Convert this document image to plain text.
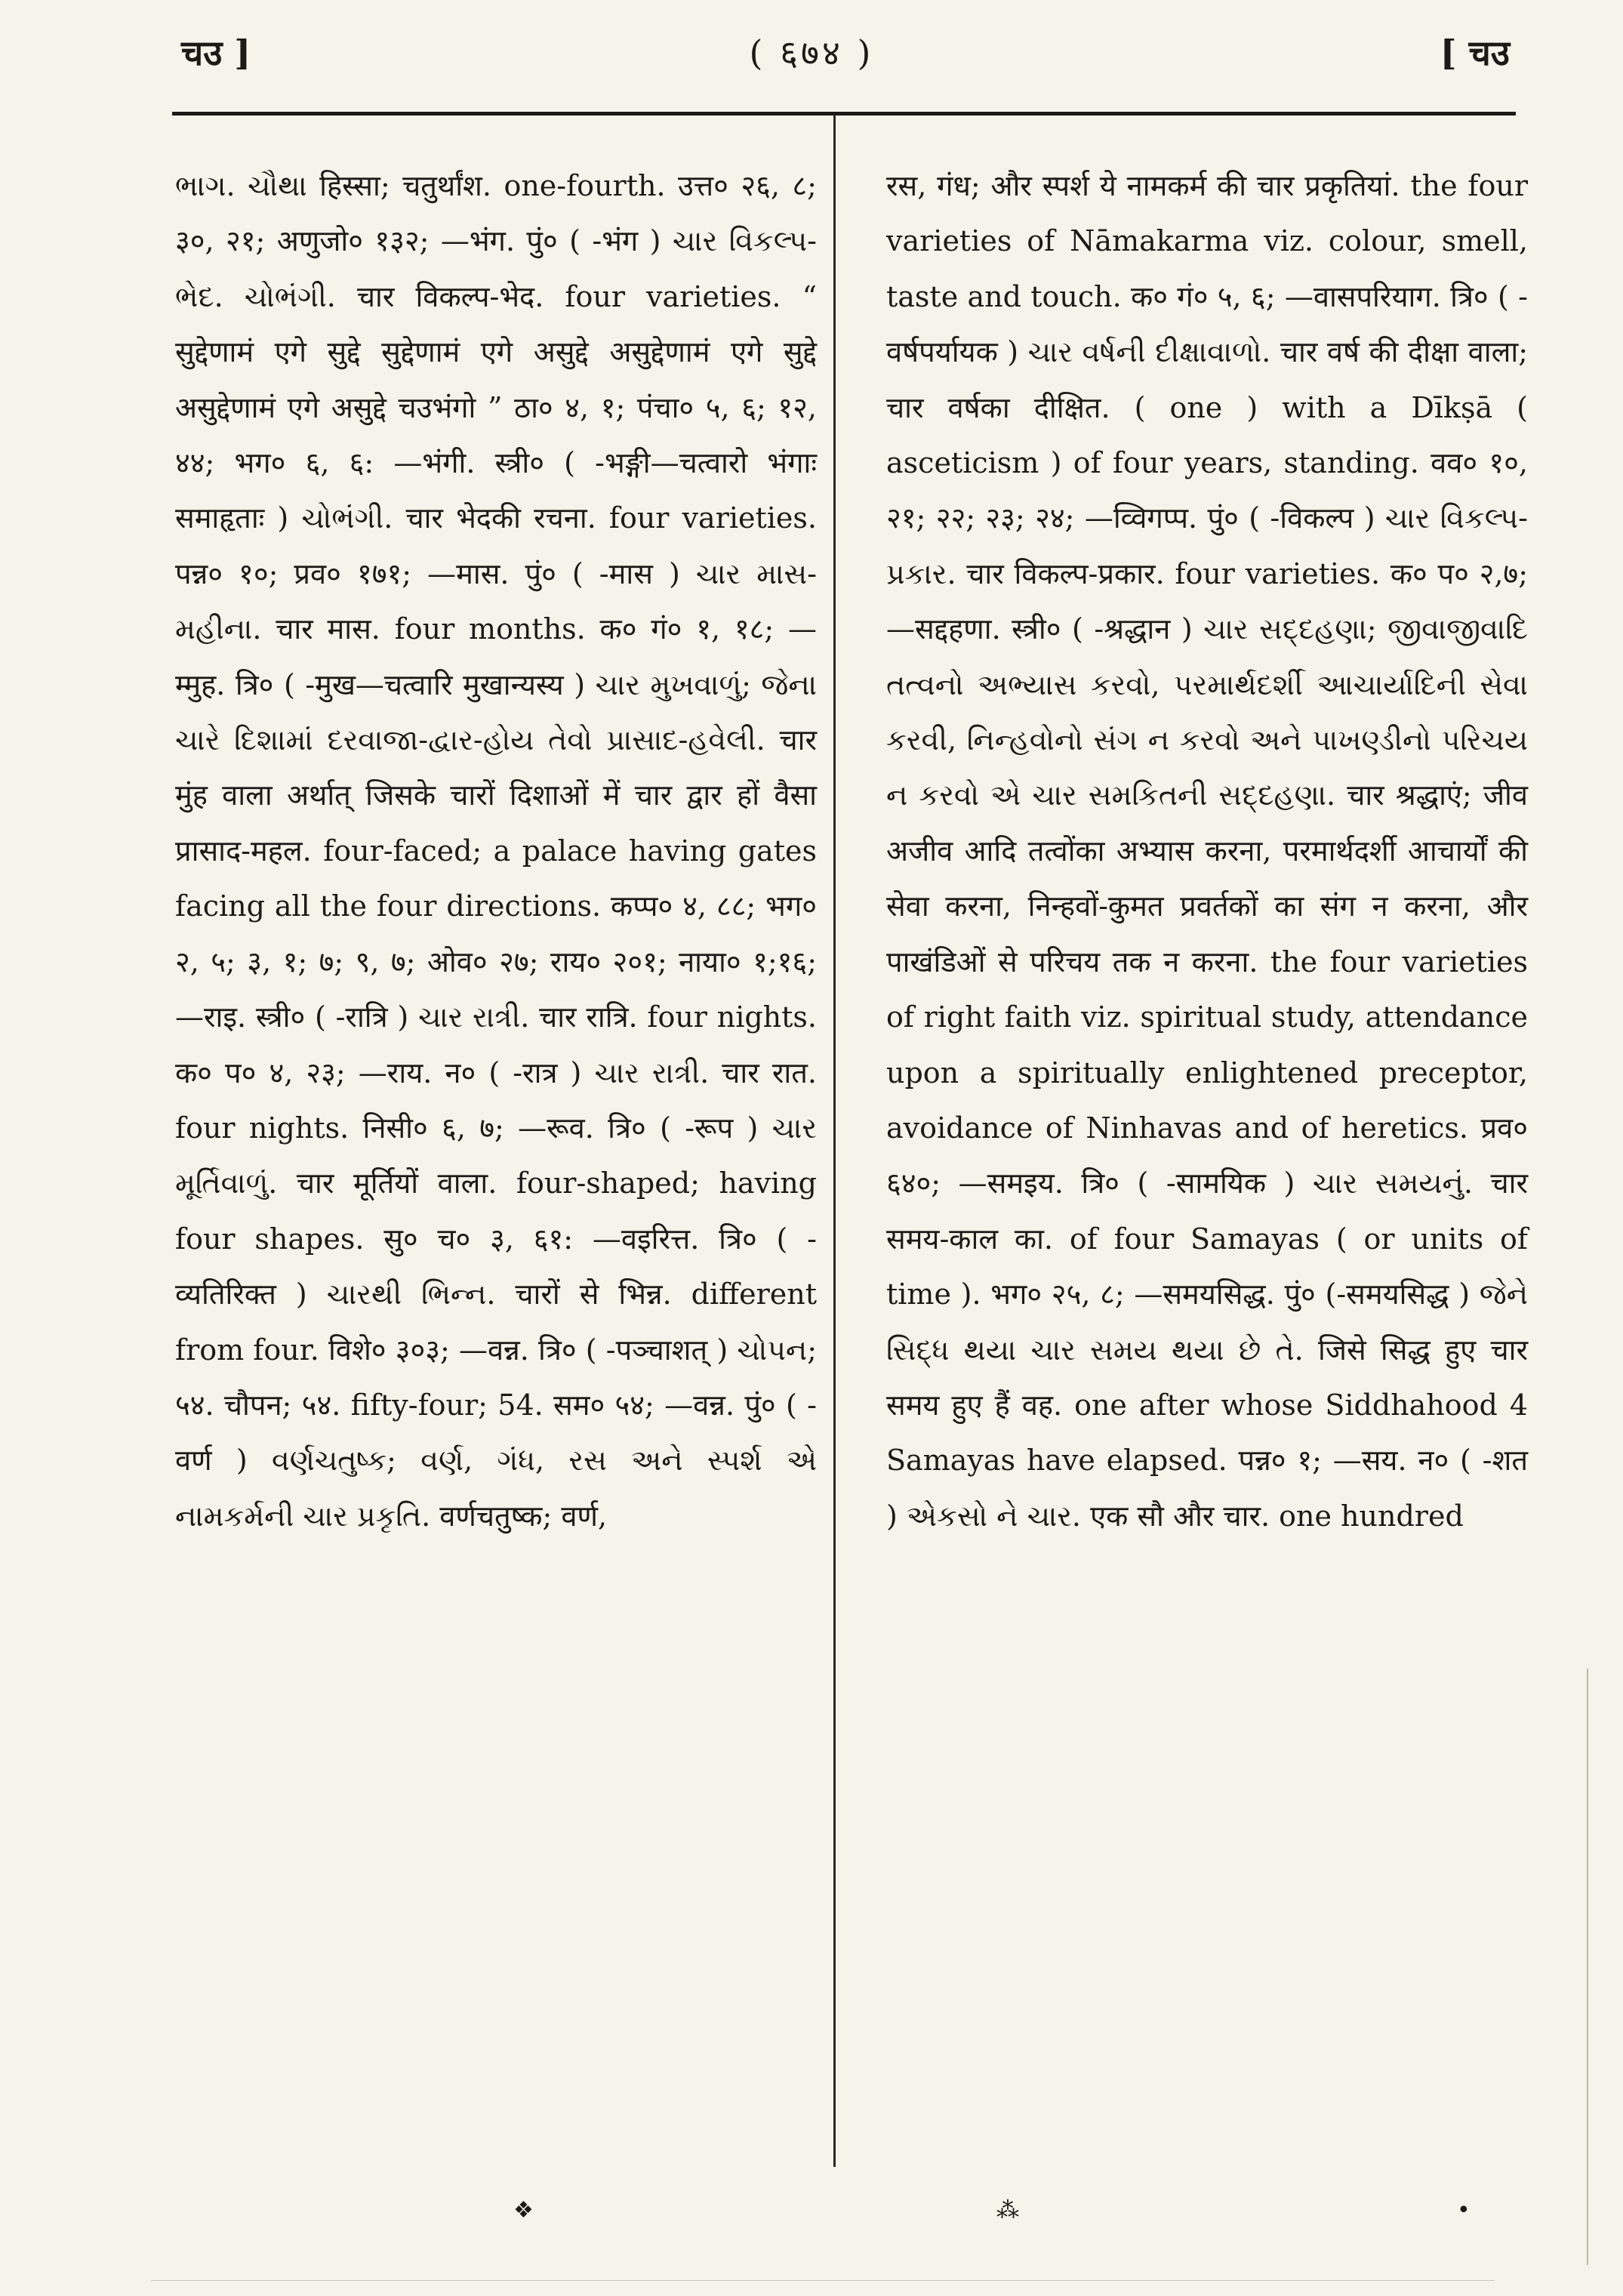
चउ ]	( ६७४ )	[ चउ

ભાગ. ચૌથા हिस्सा; चतुर्थांश. one-fourth. उत्त० २६, ८; ३०, २१; अणुजो० १३२; —भंग. पुं० ( -भंग ) ચાર વિકલ્પ-ભેદ. ચોભંગી. चार विकल्प-भेद. four varieties. “ सुद्देणामं एगे सुद्दे सुद्देणामं एगे असुद्दे असुद्देणामं एगे सुद्दे असुद्देणामं एगे असुद्दे चउभंगो ” ठा० ४, १; पंचा० ५, ६; १२, ४४; भग० ६, ६: —भंगी. स्त्री० ( -भङ्गी—चत्वारो भंगाः समाहृताः ) ચોભંગી. चार भेदकी रचना. four varieties. पन्न० १०; प्रव० १७१; —मास. पुं० ( -मास ) ચાર માસ-મહીના. चार मास. four months. क० गं० १, १८; —म्मुह. त्रि० ( -मुख—चत्वारि मुखान्यस्य ) ચાર મુખવાળું; જેના ચારે દિશામાં દરવાજા-દ્વાર-હોય તેવો પ્રાસાદ-હવેલી. चार मुंह वाला अर्थात् जिसके चारों दिशाओं में चार द्वार हों वैसा प्रासाद-महल. four-faced; a palace having gates facing all the four directions. कप्प० ४, ८८; भग० २, ५; ३, १; ७; ९, ७; ओव० २७; राय० २०१; नाया० १;१६; —राइ. स्त्री० ( -रात्रि ) ચાર રાત્રી. चार रात्रि. four nights. क० प० ४, २३; —राय. न० ( -रात्र ) ચાર રાત્રી. चार रात. four nights. निसी० ६, ७; —रूव. त्रि० ( -रूप ) ચાર મૂર્તિવાળું. चार मूर्तियों वाला. four-shaped; having four shapes. सु० च० ३, ६१: —वइरित्त. त्रि० ( -व्यतिरिक्त ) ચારથી ભિન્ન. चारों से भिन्न. different from four. विशे० ३०३; —वन्न. त्रि० ( -पञ्चाशत् ) ચોપન; ५४. चौपन; ५४. fifty-four; 54. सम० ५४; —वन्न. पुं० ( -वर्ण ) વર્ણચતુષ્ક; વર્ણ, ગંધ, રસ અને સ્પર્શ એ નામકર્મની ચાર પ્રકૃતિ. वर्णचतुष्क; वर्ण,

रस, गंध; और स्पर्श ये नामकर्म की चार प्रकृतियां. the four varieties of Nāmakarma viz. colour, smell, taste and touch. क० गं० ५, ६; —वासपरियाग. त्रि० ( -वर्षपर्यायक ) ચાર વર્ષની દીક્ષાવાળો. चार वर्ष की दीक्षा वाला; चार वर्षका दीक्षित. ( one ) with a Dīkṣā ( asceticism ) of four years, standing. वव० १०, २१; २२; २३; २४; —व्विगप्प. पुं० ( -विकल्प ) ચાર વિકલ્પ-પ્રકાર. चार विकल्प-प्रकार. four varieties. क० प० २,७; —सद्दहणा. स्त्री० ( -श्रद्धान ) ચાર સદ્દહણા; જીવાજીવાદિ તત્વનો અભ્યાસ કરવો, પરમાર્થદર્શી આચાર્યાદિની સેવા કરવી, નિન્હવોનો સંગ ન કરવો અને પાખણ્ડીનો પરિચય ન કરવો એ ચાર સમકિતની સદ્દહણા. चार श्रद्धाएं; जीव अजीव आदि तत्वोंका अभ्यास करना, परमार्थदर्शी आचार्यों की सेवा करना, निन्हवों-कुमत प्रवर्तकों का संग न करना, और पाखंडिओं से परिचय तक न करना. the four varieties of right faith viz. spiritual study, attendance upon a spiritually enlightened preceptor, avoidance of Ninhavas and of heretics. प्रव० ६४०; —समइय. त्रि० ( -सामयिक ) ચાર સમયનું. चार समय-काल का. of four Samayas ( or units of time ). भग० २५, ८; —समयसिद्ध. पुं० (-समयसिद्ध ) જેને સિદ્ધ થયા ચાર સમય થયા છે તે. जिसे सिद्ध हुए चार समय हुए हैं वह. one after whose Siddhahood 4 Samayas have elapsed. पन्न० १; —सय. न० ( -शत ) એકસો ને ચાર. एक सौ और चार. one hundred

❖	⁂	•
